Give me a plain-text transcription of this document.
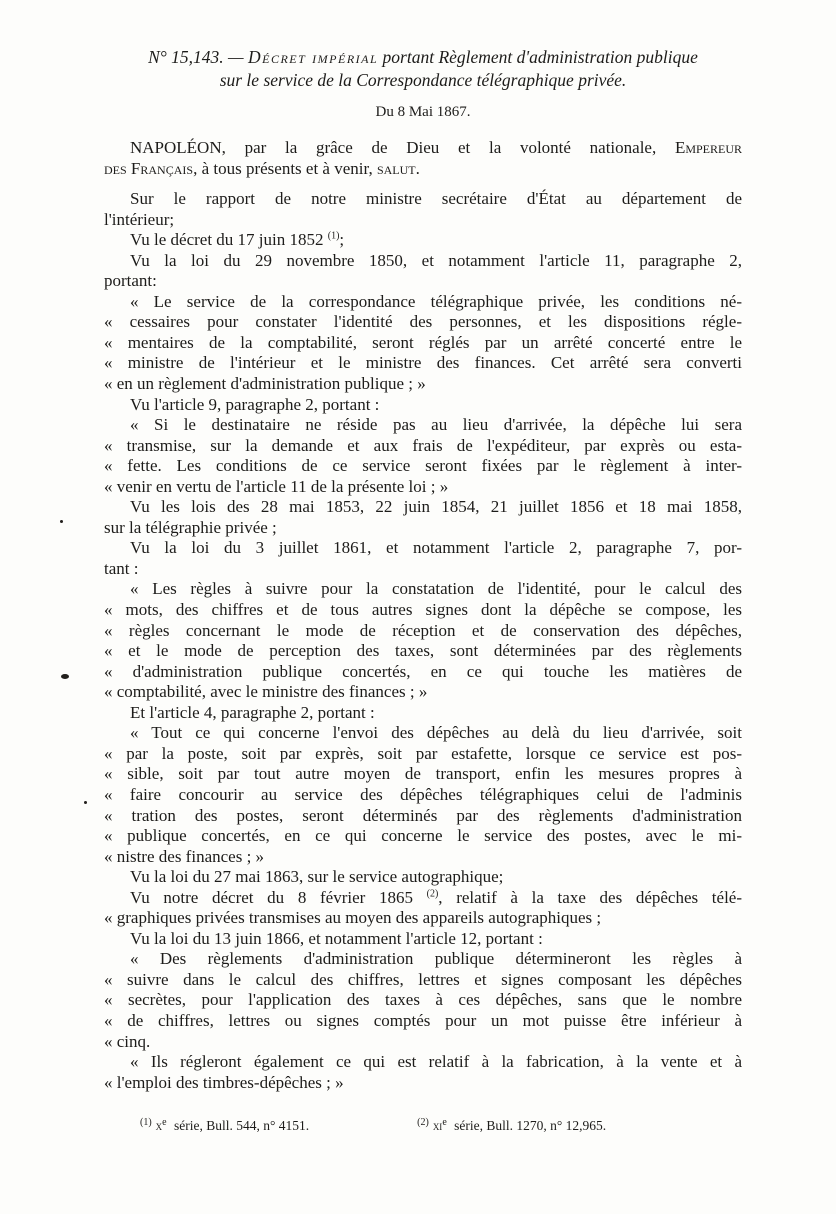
N° 15,143. — Décret impérial portant Règlement d'administration publique
sur le service de la Correspondance télégraphique privée.
Du 8 Mai 1867.
NAPOLÉON, par la grâce de Dieu et la volonté nationale, Empereur
des Français, à tous présents et à venir, salut.
Sur le rapport de notre ministre secrétaire d'État au département de
l'intérieur;
Vu le décret du 17 juin 1852 $^{(1)}$;
Vu la loi du 29 novembre 1850, et notamment l'article 11, paragraphe 2,
portant:
« Le service de la correspondance télégraphique privée, les conditions né-
« cessaires pour constater l'identité des personnes, et les dispositions régle-
« mentaires de la comptabilité, seront réglés par un arrêté concerté entre le
« ministre de l'intérieur et le ministre des finances. Cet arrêté sera converti
« en un règlement d'administration publique ; »
Vu l'article 9, paragraphe 2, portant :
« Si le destinataire ne réside pas au lieu d'arrivée, la dépêche lui sera
« transmise, sur la demande et aux frais de l'expéditeur, par exprès ou esta-
« fette. Les conditions de ce service seront fixées par le règlement à inter-
« venir en vertu de l'article 11 de la présente loi ; »
Vu les lois des 28 mai 1853, 22 juin 1854, 21 juillet 1856 et 18 mai 1858,
sur la télégraphie privée ;
Vu la loi du 3 juillet 1861, et notamment l'article 2, paragraphe 7, por-
tant :
« Les règles à suivre pour la constatation de l'identité, pour le calcul des
« mots, des chiffres et de tous autres signes dont la dépêche se compose, les
« règles concernant le mode de réception et de conservation des dépêches,
« et le mode de perception des taxes, sont déterminées par des règlements
« d'administration publique concertés, en ce qui touche les matières de
« comptabilité, avec le ministre des finances ; »
Et l'article 4, paragraphe 2, portant :
« Tout ce qui concerne l'envoi des dépêches au delà du lieu d'arrivée, soit
« par la poste, soit par exprès, soit par estafette, lorsque ce service est pos-
« sible, soit par tout autre moyen de transport, enfin les mesures propres à
« faire concourir au service des dépêches télégraphiques celui de l'adminis
« tration des postes, seront déterminés par des règlements d'administration
« publique concertés, en ce qui concerne le service des postes, avec le mi-
« nistre des finances ; »
Vu la loi du 27 mai 1863, sur le service autographique;
Vu notre décret du 8 février 1865 $^{(2)}$, relatif à la taxe des dépêches télé-
« graphiques privées transmises au moyen des appareils autographiques ;
Vu la loi du 13 juin 1866, et notamment l'article 12, portant :
« Des règlements d'administration publique détermineront les règles à
« suivre dans le calcul des chiffres, lettres et signes composant les dépêches
« secrètes, pour l'application des taxes à ces dépêches, sans que le nombre
« de chiffres, lettres ou signes comptés pour un mot puisse être inférieur à
« cinq.
« Ils régleront également ce qui est relatif à la fabrication, à la vente et à
« l'emploi des timbres-dépêches ; »
$^{(1)}$ $x^e$ série, Bull. 544, n° 4151.	$^{(2)}$ $xi^e$ série, Bull. 1270, n° 12,965.
